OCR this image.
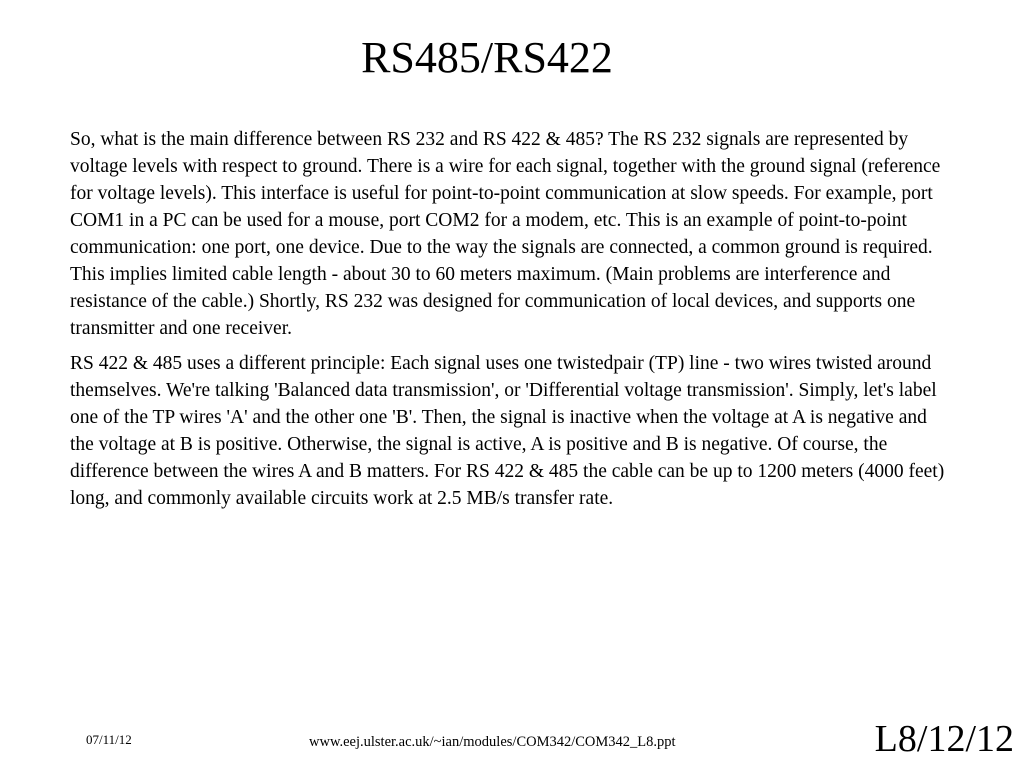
RS485/RS422

So, what is the main difference between RS 232 and RS 422 & 485? The RS 232 signals are represented by voltage levels with respect to ground. There is a wire for each signal, together with the ground signal (reference for voltage levels). This interface is useful for point-to-point communication at slow speeds. For example, port COM1 in a PC can be used for a mouse, port COM2 for a modem, etc. This is an example of point-to-point communication: one port, one device. Due to the way the signals are connected, a common ground is required. This implies limited cable length - about 30 to 60 meters maximum. (Main problems are interference and resistance of the cable.) Shortly, RS 232 was designed for communication of local devices, and supports one transmitter and one receiver.

RS 422 & 485 uses a different principle: Each signal uses one twistedpair (TP) line - two wires twisted around themselves. We're talking 'Balanced data transmission', or 'Differential voltage transmission'. Simply, let's label one of the TP wires 'A' and the other one 'B'. Then, the signal is inactive when the voltage at A is negative and the voltage at B is positive. Otherwise, the signal is active, A is positive and B is negative. Of course, the difference between the wires A and B matters. For RS 422 & 485 the cable can be up to 1200 meters (4000 feet) long, and commonly available circuits work at 2.5 MB/s transfer rate.

07/11/12	www.eej.ulster.ac.uk/~ian/modules/COM342/COM342_L8.ppt	L8/12/12
